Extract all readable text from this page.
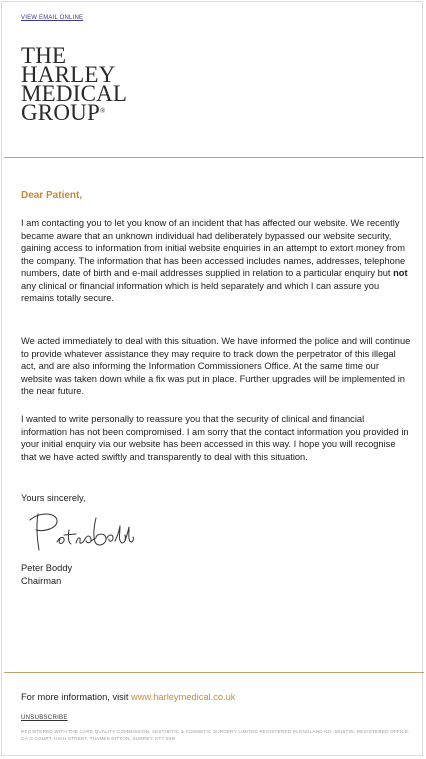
VIEW EMAIL ONLINE
THE
HARLEY
MEDICAL
GROUP®
Dear Patient,
I am contacting you to let you know of an incident that has affected our website. We recently became aware that an unknown individual had deliberately bypassed our website security, gaining access to information from initial website enquiries in an attempt to extort money from the company. The information that has been accessed includes names, addresses, telephone numbers, date of birth and e-mail addresses supplied in relation to a particular enquiry but not any clinical or financial information which is held separately and which I can assure you remains totally secure.
We acted immediately to deal with this situation. We have informed the police and will continue to provide whatever assistance they may require to track down the perpetrator of this illegal act, and are also informing the Information Commissioners Office. At the same time our website was taken down while a fix was put in place. Further upgrades will be implemented in the near future.
I wanted to write personally to reassure you that the security of clinical and financial information has not been compromised. I am sorry that the contact information you provided in your initial enquiry via our website has been accessed in this way. I hope you will recognise that we have acted swiftly and transparently to deal with this situation.
Yours sincerely,
Peter Boddy
Chairman
For more information, visit www.harleymedical.co.uk
UNSUBSCRIBE
REGISTERED WITH THE CARE QUALITY COMMISSION, AESTHETIC & COSMETIC SURGERY LIMITED REGISTERED IN ENGLAND NO. 5916735. REGISTERED OFFICE: 3 A C COURT, HIGH STREET, THAMES DITTON, SURREY, KT7 0SR
